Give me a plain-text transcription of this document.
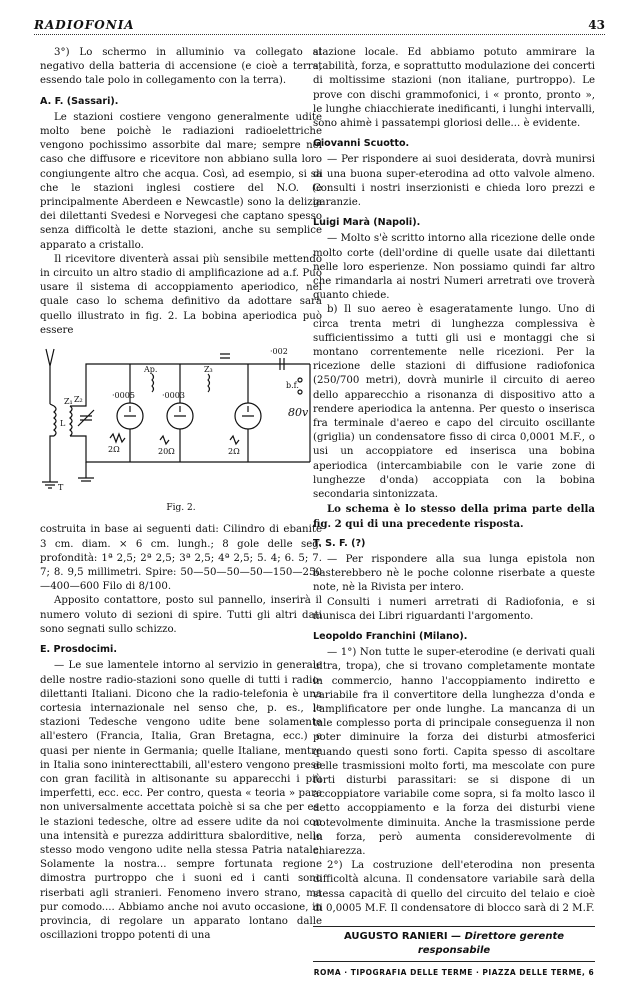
RADIOFONIA	43

3°) Lo schermo in alluminio va collegato al negativo della batteria di accensione (e cioè a terra, essendo tale polo in collegamento con la terra).

A. F. (Sassari).

Le stazioni costiere vengono generalmente udite molto bene poichè le radiazioni radioelettriche vengono pochissimo assorbite dal mare; sempre nel caso che diffusore e ricevitore non abbiano sulla loro congiungente altro che acqua. Così, ad esempio, si sa che le stazioni inglesi costiere del N.O. (e principalmente Aberdeen e Newcastle) sono la delizia dei dilettanti Svedesi e Norvegesi che captano spesso senza difficoltà le dette stazioni, anche su semplice apparato a cristallo.

Il ricevitore diventerà assai più sensibile mettendo in circuito un altro stadio di amplificazione ad a.f. Può usare il sistema di accoppiamento aperiodico, nel quale caso lo schema definitivo da adottare sarà quello illustrato in fig. 2. La bobina aperiodica può essere

Z₁ Z₂
Z₃
L
Ap.
·0005	·0003
·002
b.f.
80v
2Ω	20Ω	2Ω
T
Fig. 2.

costruita in base ai seguenti dati: Cilindro di ebanite 3 cm. diam. × 6 cm. lungh.; 8 gole delle seg. profondità: 1ª 2,5; 2ª 2,5; 3ª 2,5; 4ª 2,5; 5. 4; 6. 5; 7. 7; 8. 9,5 millimetri. Spire: 50—50—50—50—150—250—400—600 Filo di 8/100.

Apposito contattore, posto sul pannello, inserirà il numero voluto di sezioni di spire. Tutti gli altri dati sono segnati sullo schizzo.

E. Prosdocimi.

— Le sue lamentele intorno al servizio in generale delle nostre radio-stazioni sono quelle di tutti i radio-dilettanti Italiani. Dicono che la radio-telefonia è una cortesia internazionale nel senso che, p. es., le stazioni Tedesche vengono udite bene solamente all'estero (Francia, Italia, Gran Bretagna, ecc.) e quasi per niente in Germania; quelle Italiane, mentre in Italia sono ininterecttabili, all'estero vengono prese con gran facilità in altisonante su apparecchi i più imperfetti, ecc. ecc. Per contro, questa « teoria » pare non universalmente accettata poichè si sa che per es. le stazioni tedesche, oltre ad essere udite da noi con una intensità e purezza addirittura sbalorditive, nello stesso modo vengono udite nella stessa Patria natale. Solamente la nostra... sempre fortunata regione dimostra purtroppo che i suoni ed i canti sono riserbati agli stranieri. Fenomeno invero strano, ma pur comodo.... Abbiamo anche noi avuto occasione, in provincia, di regolare un apparato lontano dalle oscillazioni troppo potenti di una

stazione locale. Ed abbiamo potuto ammirare la stabilità, forza, e soprattutto modulazione dei concerti di moltissime stazioni (non italiane, purtroppo). Le prove con dischi grammofonici, i « pronto, pronto », le lunghe chiacchierate inedificanti, i lunghi intervalli, sono ahimè i passatempi gloriosi delle... è evidente.

Giovanni Scuotto.

— Per rispondere ai suoi desiderata, dovrà munirsi di una buona super-eterodina ad otto valvole almeno. Consulti i nostri inserzionisti e chieda loro prezzi e garanzie.

Luigi Marà (Napoli).

— Molto s'è scritto intorno alla ricezione delle onde molto corte (dell'ordine di quelle usate dai dilettanti nelle loro esperienze. Non possiamo quindi far altro che rimandarla ai nostri Numeri arretrati ove troverà quanto chiede.

b) Il suo aereo è esageratamente lungo. Uno di circa trenta metri di lunghezza complessiva è sufficientissimo a tutti gli usi e montaggi che si montano correntemente nelle ricezioni. Per la ricezione delle stazioni di diffusione radiofonica (250/700 metri), dovrà munirle il circuito di aereo dello apparecchio a risonanza di dispositivo atto a rendere aperiodica la antenna. Per questo o inserisca fra terminale d'aereo e capo del circuito oscillante (griglia) un condensatore fisso di circa 0,0001 M.F., o usi un accoppiatore ed inserisca una bobina aperiodica (intercambiabile con le varie zone di lunghezze d'onda) accoppiata con la bobina secondaria sintonizzata.

Lo schema è lo stesso della prima parte della fig. 2 qui di una precedente risposta.

T. S. F. (?)

— Per rispondere alla sua lunga epistola non basterebbero nè le poche colonne riserbate a queste note, nè la Rivista per intero.

Consulti i numeri arretrati di Radiofonia, e si munisca dei Libri riguardanti l'argomento.

Leopoldo Franchini (Milano).

— 1°) Non tutte le super-eterodine (e derivati quali ultra, tropa), che si trovano completamente montate in commercio, hanno l'accoppiamento indiretto e variabile fra il convertitore della lunghezza d'onda e l'amplificatore per onde lunghe. La mancanza di un tale complesso porta di principale conseguenza il non poter diminuire la forza dei disturbi atmosferici quando questi sono forti. Capita spesso di ascoltare delle trasmissioni molto forti, ma mescolate con pure forti disturbi parassitari: se si dispone di un accoppiatore variabile come sopra, si fa molto lasco il detto accoppiamento e la forza dei disturbi viene notevolmente diminuita. Anche la trasmissione perde in forza, però aumenta considerevolmente di chiarezza.

2°) La costruzione dell'eterodina non presenta difficoltà alcuna. Il condensatore variabile sarà della stessa capacità di quello del circuito del telaio e cioè di 0,0005 M.F. Il condensatore di blocco sarà di 2 M.F.

AUGUSTO RANIERI — Direttore gerente responsabile
ROMA · TIPOGRAFIA DELLE TERME · PIAZZA DELLE TERME, 6
